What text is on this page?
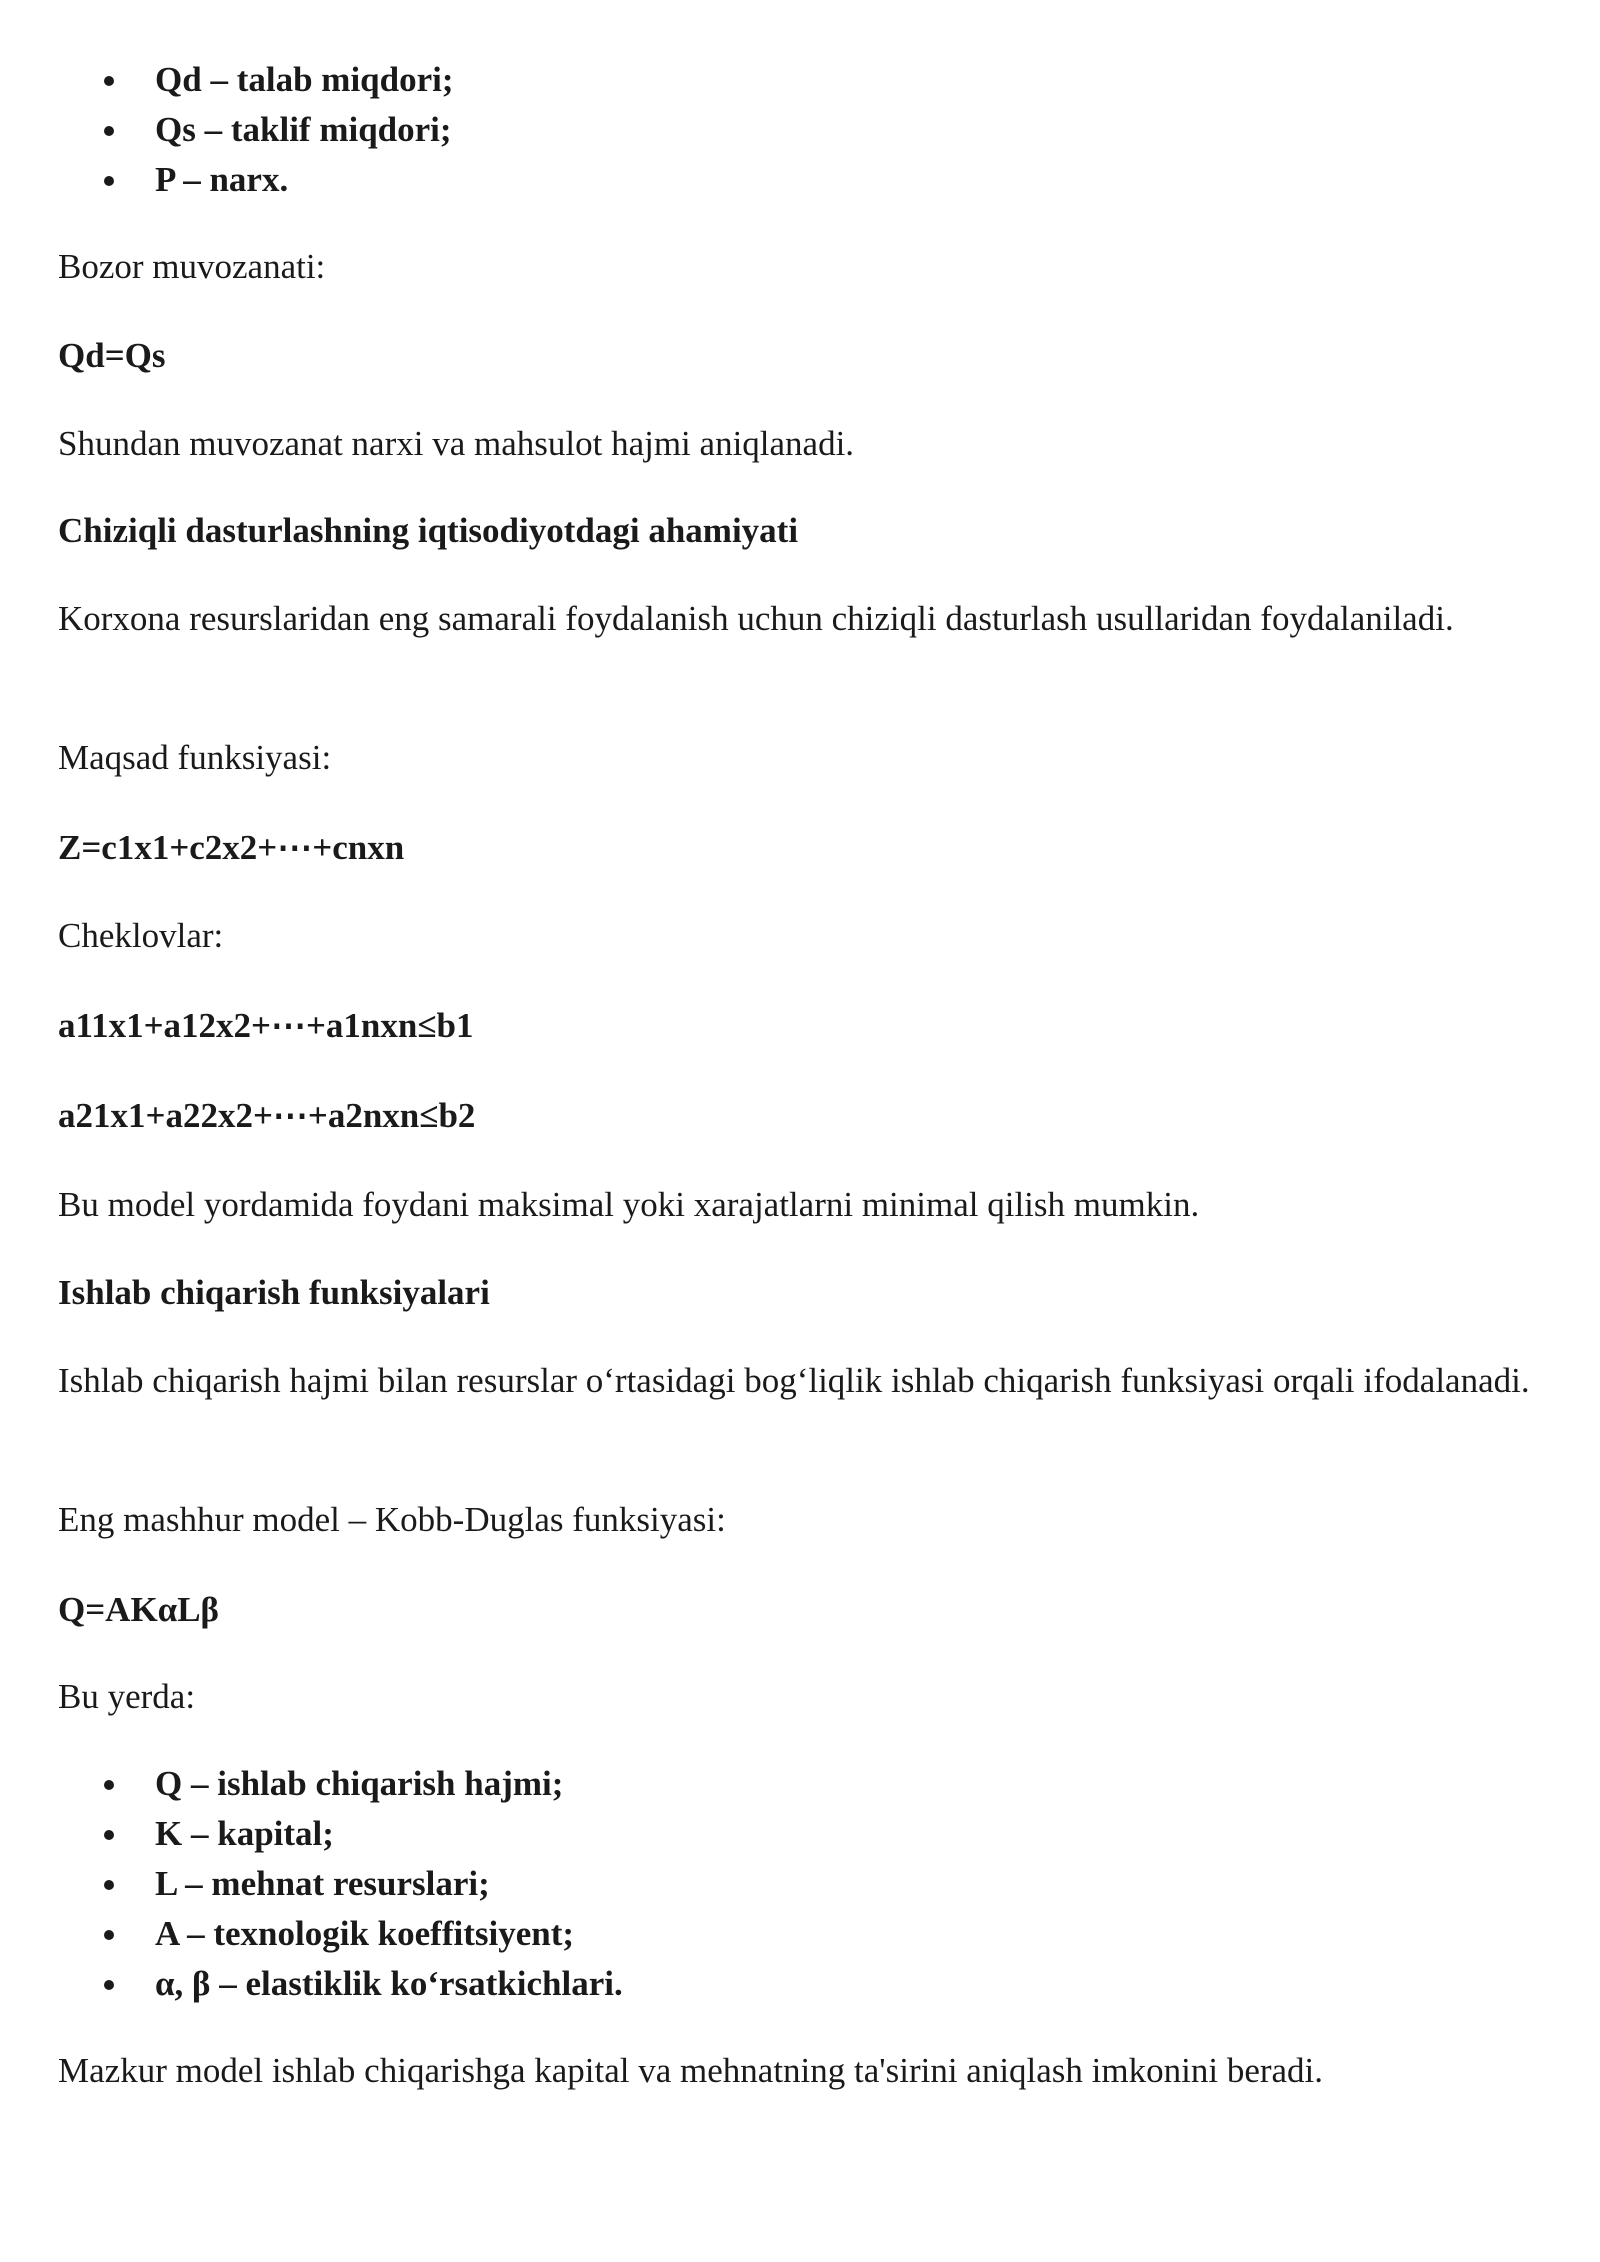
Qd – talab miqdori;
Qs – taklif miqdori;
P – narx.

Bozor muvozanati:

Qd=Qs

Shundan muvozanat narxi va mahsulot hajmi aniqlanadi.

Chiziqli dasturlashning iqtisodiyotdagi ahamiyati

Korxona resurslaridan eng samarali foydalanish uchun chiziqli dasturlash usullaridan foydalaniladi.

Maqsad funksiyasi:

Z=c1x1+c2x2+⋯+cnxn

Cheklovlar:

a11x1+a12x2+⋯+a1nxn≤b1

a21x1+a22x2+⋯+a2nxn≤b2

Bu model yordamida foydani maksimal yoki xarajatlarni minimal qilish mumkin.

Ishlab chiqarish funksiyalari

Ishlab chiqarish hajmi bilan resurslar o‘rtasidagi bog‘liqlik ishlab chiqarish funksiyasi orqali ifodalanadi.

Eng mashhur model – Kobb-Duglas funksiyasi:

Q=AKαLβ

Bu yerda:

Q – ishlab chiqarish hajmi;
K – kapital;
L – mehnat resurslari;
A – texnologik koeffitsiyent;
α, β – elastiklik ko‘rsatkichlari.

Mazkur model ishlab chiqarishga kapital va mehnatning ta'sirini aniqlash imkonini beradi.
